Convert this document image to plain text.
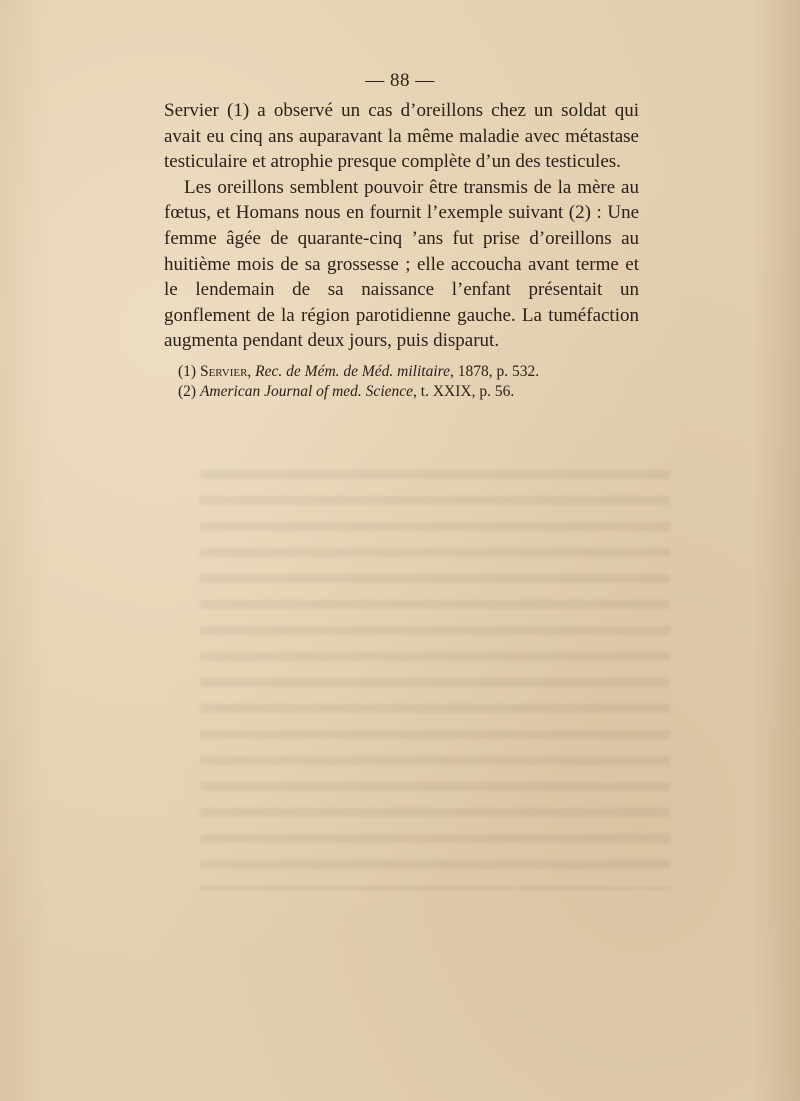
— 88 —

Servier (1) a observé un cas d’oreillons chez un soldat qui avait eu cinq ans auparavant la même maladie avec métastase testiculaire et atrophie presque complète d’un des testicules.

Les oreillons semblent pouvoir être transmis de la mère au fœtus, et Homans nous en fournit l’exemple suivant (2) : Une femme âgée de quarante-cinq ’ans fut prise d’oreillons au huitième mois de sa grossesse ; elle accoucha avant terme et le lendemain de sa naissance l’enfant présentait un gonflement de la région parotidienne gauche. La tuméfaction augmenta pendant deux jours, puis disparut.

(1) Servier, Rec. de Mém. de Méd. militaire, 1878, p. 532.
(2) American Journal of med. Science, t. XXIX, p. 56.
